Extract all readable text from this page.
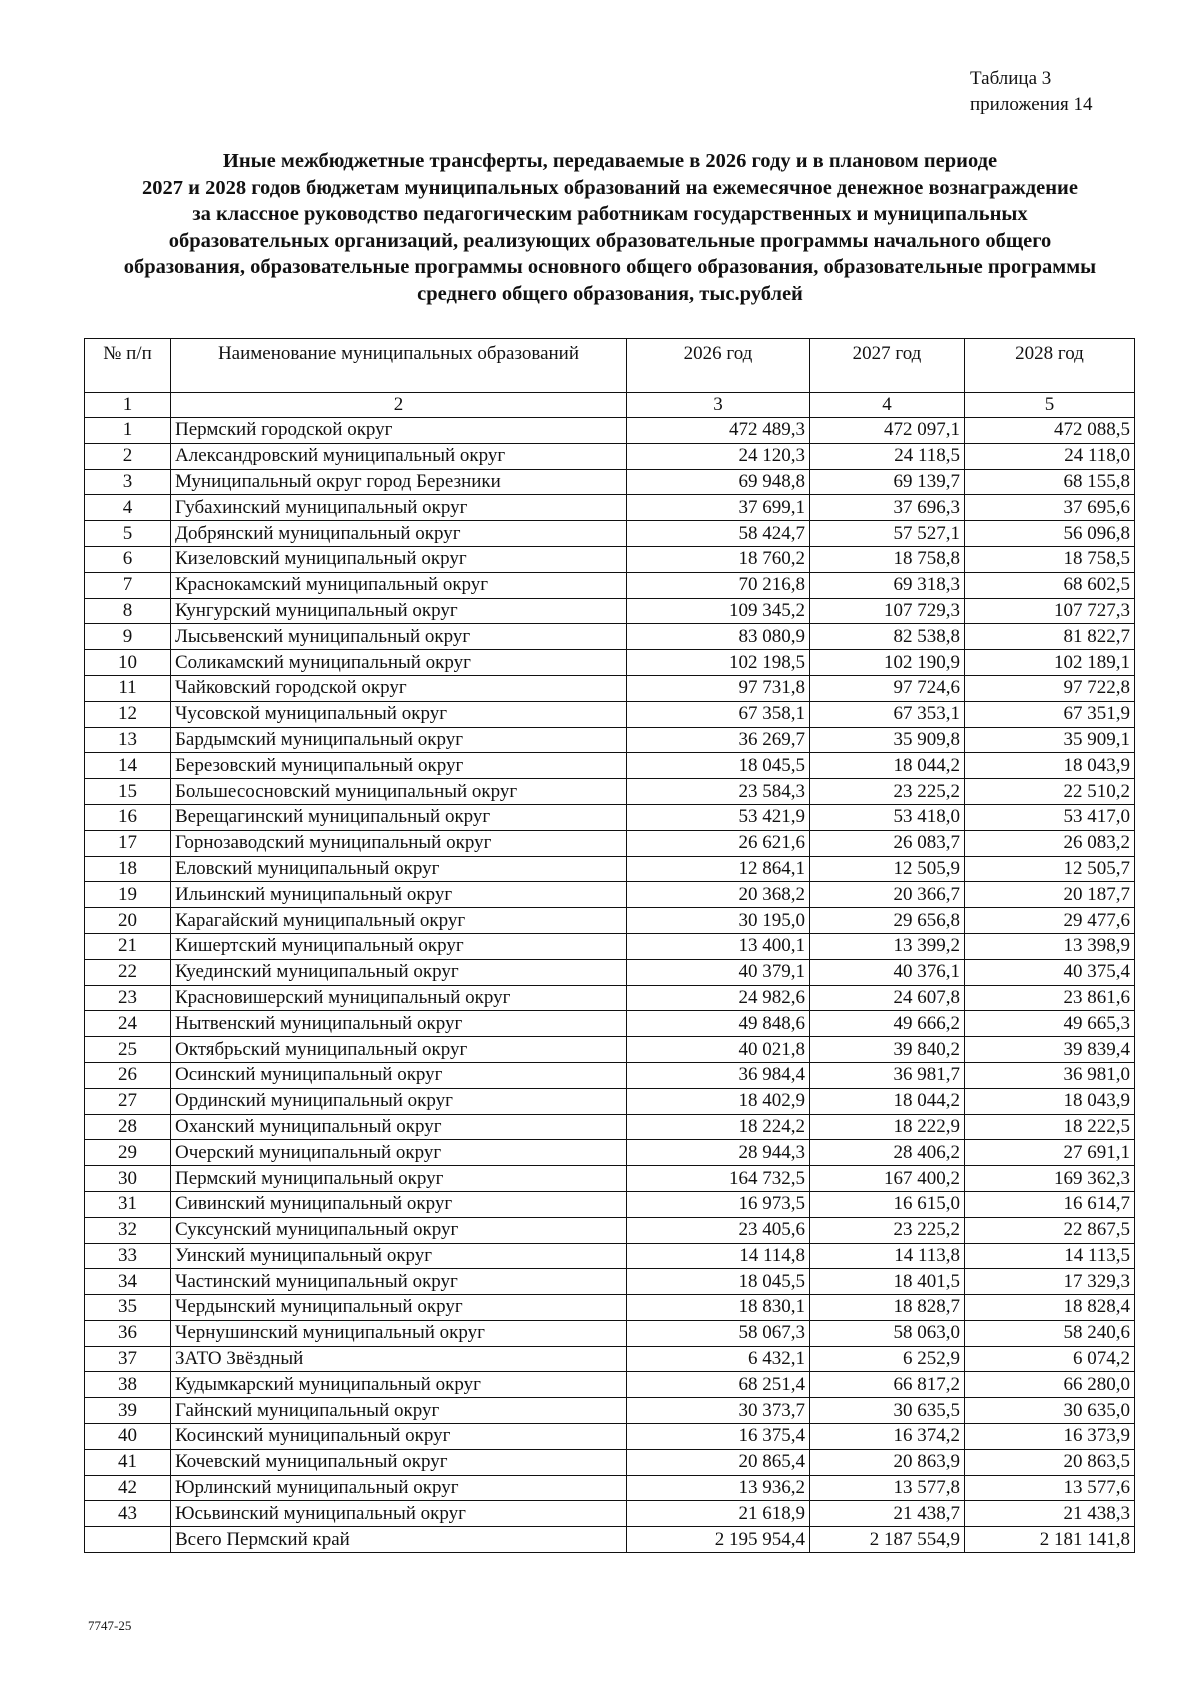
Таблица 3
приложения 14
Иные межбюджетные трансферты, передаваемые в 2026 году и в плановом периоде
2027 и 2028 годов бюджетам муниципальных образований на ежемесячное денежное вознаграждение
за классное руководство педагогическим работникам государственных и муниципальных
образовательных организаций, реализующих образовательные программы начального общего
образования, образовательные программы основного общего образования, образовательные программы
среднего общего образования, тыс.рублей
№ п/п	Наименование муниципальных образований	2026 год	2027 год	2028 год
1	2	3	4	5
1	Пермский городской округ	472 489,3	472 097,1	472 088,5
2	Александровский муниципальный округ	24 120,3	24 118,5	24 118,0
3	Муниципальный округ город Березники	69 948,8	69 139,7	68 155,8
4	Губахинский муниципальный округ	37 699,1	37 696,3	37 695,6
5	Добрянский муниципальный округ	58 424,7	57 527,1	56 096,8
6	Кизеловский муниципальный округ	18 760,2	18 758,8	18 758,5
7	Краснокамский муниципальный округ	70 216,8	69 318,3	68 602,5
8	Кунгурский муниципальный округ	109 345,2	107 729,3	107 727,3
9	Лысьвенский муниципальный округ	83 080,9	82 538,8	81 822,7
10	Соликамский муниципальный округ	102 198,5	102 190,9	102 189,1
11	Чайковский городской округ	97 731,8	97 724,6	97 722,8
12	Чусовской муниципальный округ	67 358,1	67 353,1	67 351,9
13	Бардымский муниципальный округ	36 269,7	35 909,8	35 909,1
14	Березовский муниципальный округ	18 045,5	18 044,2	18 043,9
15	Большесосновский муниципальный округ	23 584,3	23 225,2	22 510,2
16	Верещагинский муниципальный округ	53 421,9	53 418,0	53 417,0
17	Горнозаводский муниципальный округ	26 621,6	26 083,7	26 083,2
18	Еловский муниципальный округ	12 864,1	12 505,9	12 505,7
19	Ильинский муниципальный округ	20 368,2	20 366,7	20 187,7
20	Карагайский муниципальный округ	30 195,0	29 656,8	29 477,6
21	Кишертский муниципальный округ	13 400,1	13 399,2	13 398,9
22	Куединский муниципальный округ	40 379,1	40 376,1	40 375,4
23	Красновишерский муниципальный округ	24 982,6	24 607,8	23 861,6
24	Нытвенский муниципальный округ	49 848,6	49 666,2	49 665,3
25	Октябрьский муниципальный округ	40 021,8	39 840,2	39 839,4
26	Осинский муниципальный округ	36 984,4	36 981,7	36 981,0
27	Ординский муниципальный округ	18 402,9	18 044,2	18 043,9
28	Оханский муниципальный округ	18 224,2	18 222,9	18 222,5
29	Очерский муниципальный округ	28 944,3	28 406,2	27 691,1
30	Пермский муниципальный округ	164 732,5	167 400,2	169 362,3
31	Сивинский муниципальный округ	16 973,5	16 615,0	16 614,7
32	Суксунский муниципальный округ	23 405,6	23 225,2	22 867,5
33	Уинский муниципальный округ	14 114,8	14 113,8	14 113,5
34	Частинский муниципальный округ	18 045,5	18 401,5	17 329,3
35	Чердынский муниципальный округ	18 830,1	18 828,7	18 828,4
36	Чернушинский муниципальный округ	58 067,3	58 063,0	58 240,6
37	ЗАТО Звёздный	6 432,1	6 252,9	6 074,2
38	Кудымкарский муниципальный округ	68 251,4	66 817,2	66 280,0
39	Гайнский муниципальный округ	30 373,7	30 635,5	30 635,0
40	Косинский муниципальный округ	16 375,4	16 374,2	16 373,9
41	Кочевский муниципальный округ	20 865,4	20 863,9	20 863,5
42	Юрлинский муниципальный округ	13 936,2	13 577,8	13 577,6
43	Юсьвинский муниципальный округ	21 618,9	21 438,7	21 438,3
	Всего Пермский край	2 195 954,4	2 187 554,9	2 181 141,8
7747-25
